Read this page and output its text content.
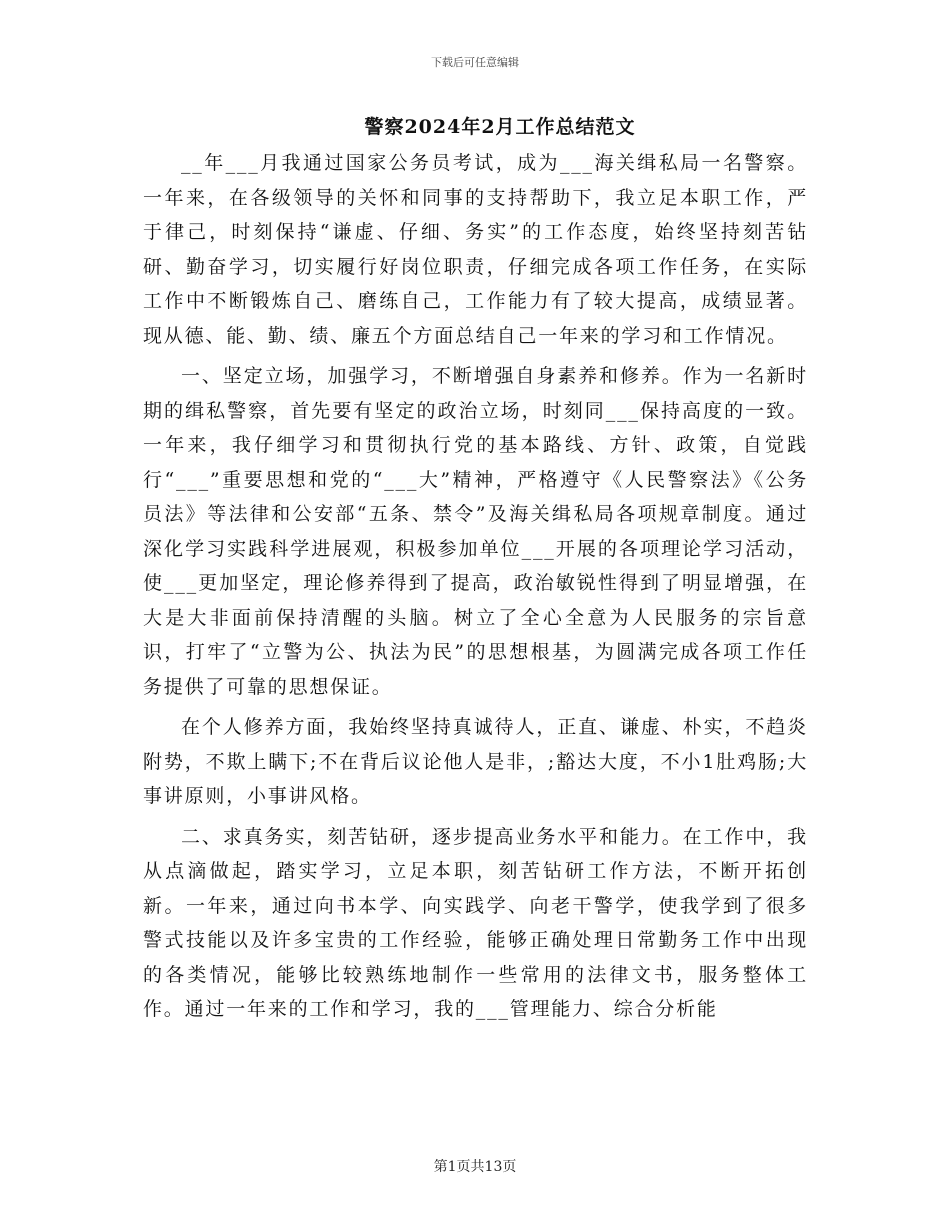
下载后可任意编辑
警察2024年2月工作总结范文

__年___月我通过国家公务员考试，成为___海关缉私局一名警察。一年来，在各级领导的关怀和同事的支持帮助下，我立足本职工作，严于律己，时刻保持“谦虚、仔细、务实”的工作态度，始终坚持刻苦钻研、勤奋学习，切实履行好岗位职责，仔细完成各项工作任务，在实际工作中不断锻炼自己、磨练自己，工作能力有了较大提高，成绩显著。现从德、能、勤、绩、廉五个方面总结自己一年来的学习和工作情况。

一、坚定立场，加强学习，不断增强自身素养和修养。作为一名新时期的缉私警察，首先要有坚定的政治立场，时刻同___保持高度的一致。一年来，我仔细学习和贯彻执行党的基本路线、方针、政策，自觉践行“___”重要思想和党的“___大”精神，严格遵守《人民警察法》《公务员法》等法律和公安部“五条、禁令”及海关缉私局各项规章制度。通过深化学习实践科学进展观，积极参加单位___开展的各项理论学习活动，使___更加坚定，理论修养得到了提高，政治敏锐性得到了明显增强，在大是大非面前保持清醒的头脑。树立了全心全意为人民服务的宗旨意识，打牢了“立警为公、执法为民”的思想根基，为圆满完成各项工作任务提供了可靠的思想保证。

在个人修养方面，我始终坚持真诚待人，正直、谦虚、朴实，不趋炎附势，不欺上瞒下;不在背后议论他人是非，;豁达大度，不小1肚鸡肠;大事讲原则，小事讲风格。

二、求真务实，刻苦钻研，逐步提高业务水平和能力。在工作中，我从点滴做起，踏实学习，立足本职，刻苦钻研工作方法，不断开拓创新。一年来，通过向书本学、向实践学、向老干警学，使我学到了很多警式技能以及许多宝贵的工作经验，能够正确处理日常勤务工作中出现的各类情况，能够比较熟练地制作一些常用的法律文书，服务整体工作。通过一年来的工作和学习，我的___管理能力、综合分析能

第1页共13页
